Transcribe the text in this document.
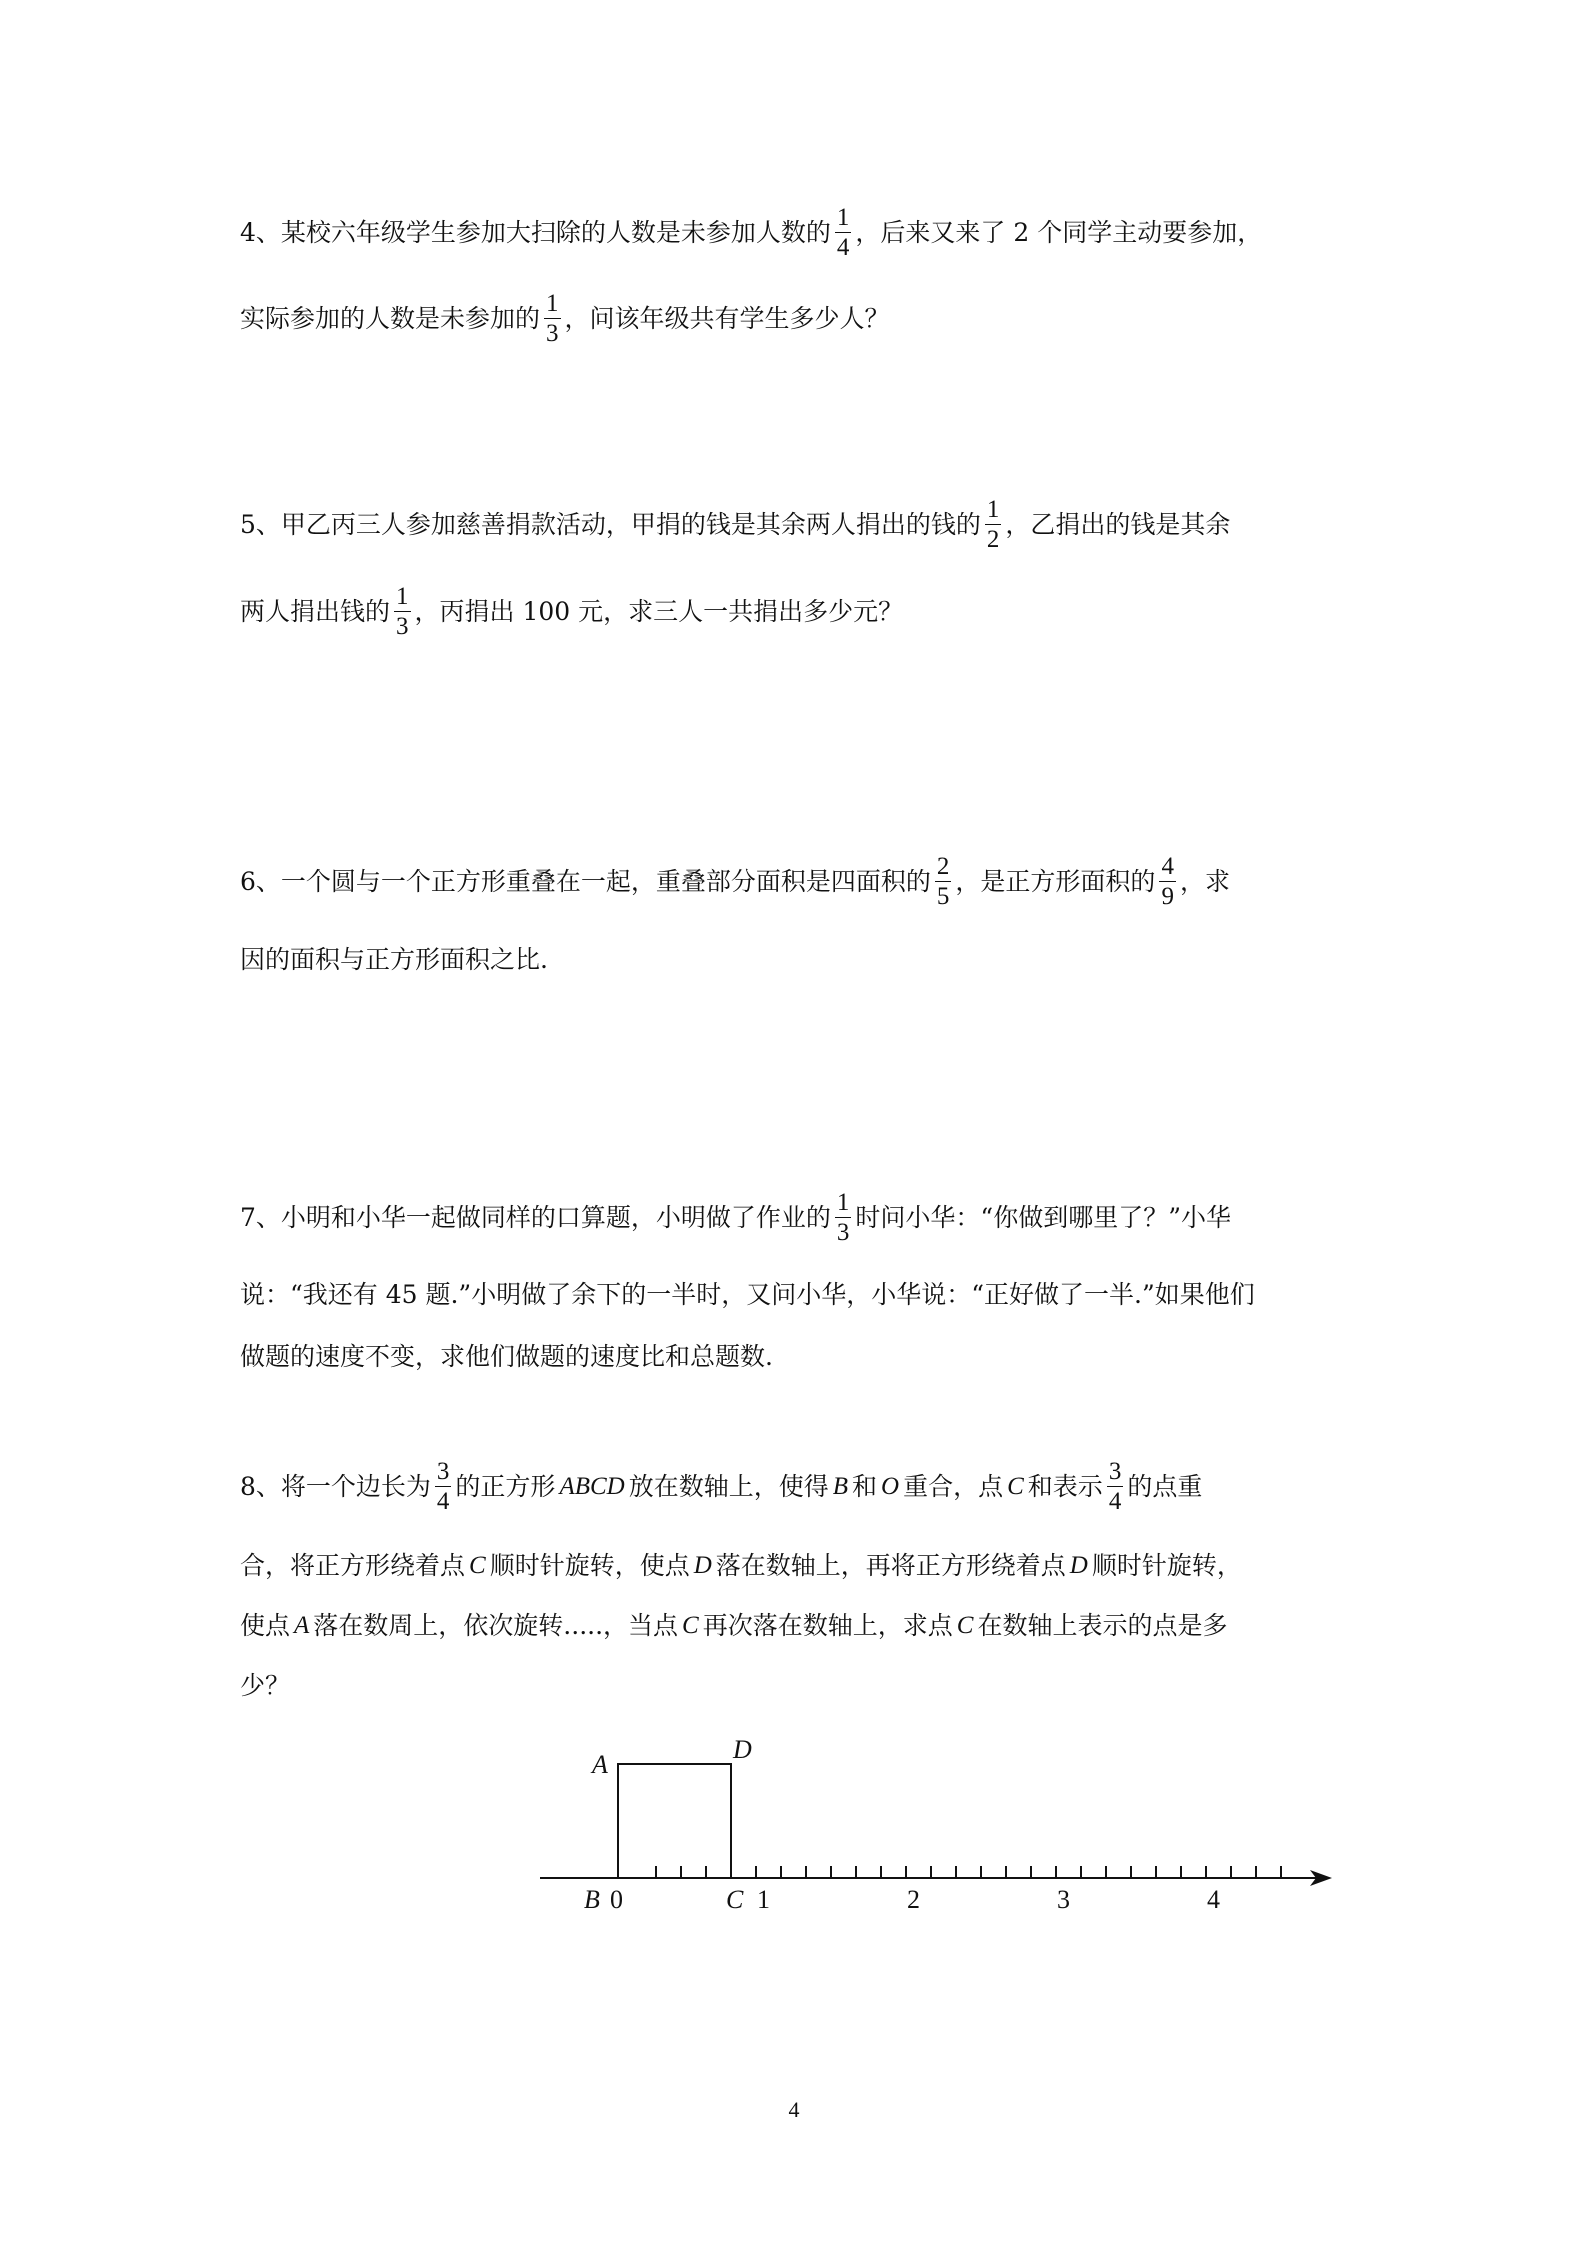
4、某校六年级学生参加大扫除的人数是未参加人数的 $\frac{1}{4}$ ，后来又来了 2 个同学主动要参加，
实际参加的人数是未参加的 $\frac{1}{3}$ ，问该年级共有学生多少人？
5、甲乙丙三人参加慈善捐款活动，甲捐的钱是其余两人捐出的钱的 $\frac{1}{2}$ ，乙捐出的钱是其余
两人捐出钱的 $\frac{1}{3}$ ，丙捐出 100 元，求三人一共捐出多少元？
6、一个圆与一个正方形重叠在一起，重叠部分面积是四面积的 $\frac{2}{5}$ ，是正方形面积的 $\frac{4}{9}$ ，求
因的面积与正方形面积之比.
7、小明和小华一起做同样的口算题，小明做了作业的 $\frac{1}{3}$ 时问小华：“你做到哪里了？”小华
说：“我还有 45 题.”小明做了余下的一半时，又问小华，小华说：“正好做了一半.”如果他们
做题的速度不变，求他们做题的速度比和总题数.
8、将一个边长为 $\frac{3}{4}$ 的正方形 ABCD 放在数轴上，使得 B 和 O 重合，点 C 和表示 $\frac{3}{4}$ 的点重
合，将正方形绕着点 C 顺时针旋转，使点 D 落在数轴上，再将正方形绕着点 D 顺时针旋转，
使点 A 落在数周上，依次旋转.....，当点 C 再次落在数轴上，求点 C 在数轴上表示的点是多
少？
A
D
B	C
0	1	2	3	4
4
